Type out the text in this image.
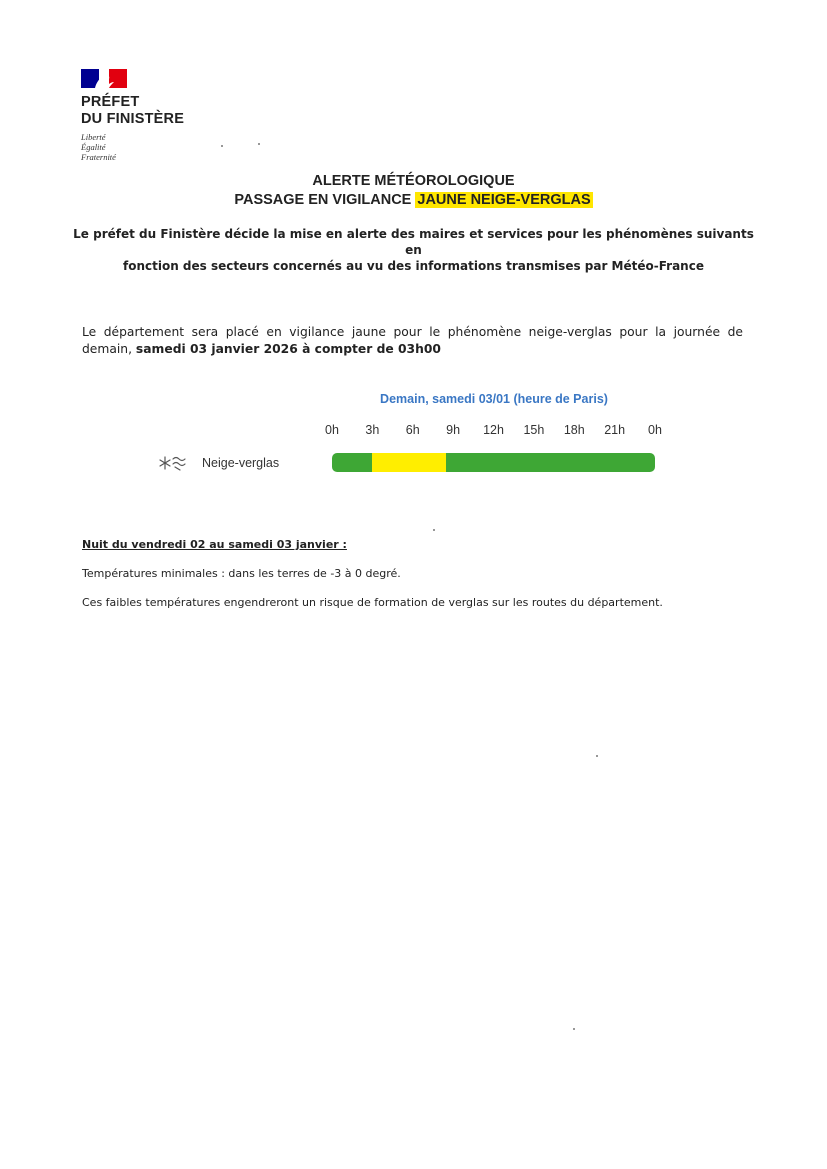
PRÉFET
DU FINISTÈRE
Liberté
Égalité
Fraternité
ALERTE MÉTÉOROLOGIQUE
PASSAGE EN VIGILANCE JAUNE NEIGE-VERGLAS
Le préfet du Finistère décide la mise en alerte des maires et services pour les phénomènes suivants en
fonction des secteurs concernés au vu des informations transmises par Météo-France
Le département sera placé en vigilance jaune pour le phénomène neige-verglas pour la journée de demain, samedi 03 janvier 2026 à compter de 03h00
Demain, samedi 03/01 (heure de Paris)
0h 3h 6h 9h 12h 15h 18h 21h 0h
Neige-verglas
Nuit du vendredi 02 au samedi 03 janvier :
Températures minimales : dans les terres de -3 à 0 degré.
Ces faibles températures engendreront un risque de formation de verglas sur les routes du département.
